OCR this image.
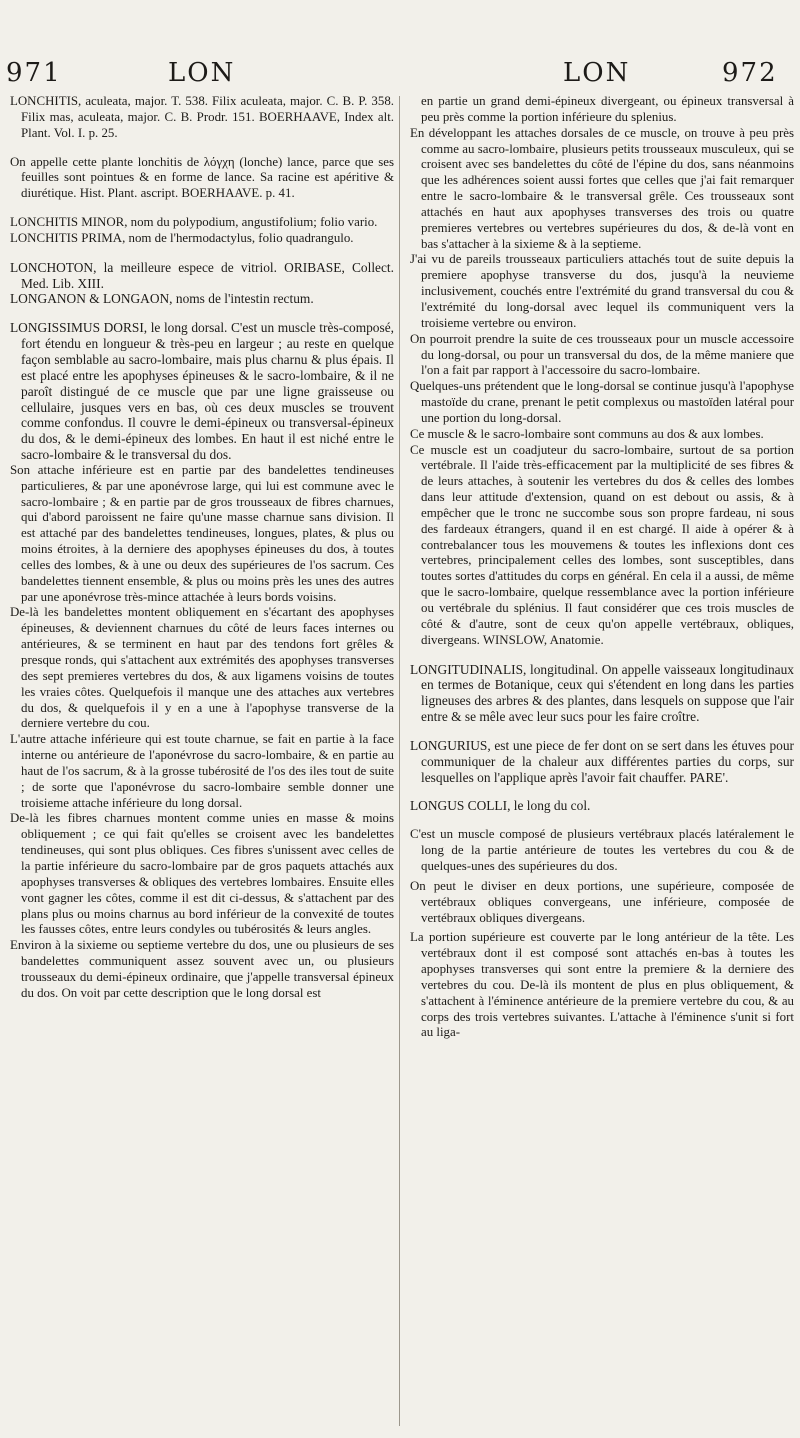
971	LON	LON	972

LONCHITIS, aculeata, major. T. 538. Filix aculeata, major. C. B. P. 358. Filix mas, aculeata, major. C. B. Prodr. 151. BOERHAAVE, Index alt. Plant. Vol. I. p. 25.

On appelle cette plante lonchitis de λόγχη (lonche) lance, parce que ses feuilles sont pointues & en forme de lance. Sa racine est apéritive & diurétique. Hist. Plant. ascript. BOERHAAVE. p. 41.

LONCHITIS MINOR, nom du polypodium, angustifolium; folio vario.

LONCHITIS PRIMA, nom de l'hermodactylus, folio quadrangulo.

LONCHOTON, la meilleure espece de vitriol. ORIBASE, Collect. Med. Lib. XIII.

LONGANON & LONGAON, noms de l'intestin rectum.

LONGISSIMUS DORSI, le long dorsal. C'est un muscle très-composé, fort étendu en longueur & très-peu en largeur ; au reste en quelque façon semblable au sacro-lombaire, mais plus charnu & plus épais. Il est placé entre les apophyses épineuses & le sacro-lombaire, & il ne paroît distingué de ce muscle que par une ligne graisseuse ou cellulaire, jusques vers en bas, où ces deux muscles se trouvent comme confondus. Il couvre le demi-épineux ou transversal-épineux du dos, & le demi-épineux des lombes. En haut il est niché entre le sacro-lombaire & le transversal du dos.

Son attache inférieure est en partie par des bandelettes tendineuses particulieres, & par une aponévrose large, qui lui est commune avec le sacro-lombaire ; & en partie par de gros trousseaux de fibres charnues, qui d'abord paroissent ne faire qu'une masse charnue sans division. Il est attaché par des bandelettes tendineuses, longues, plates, & plus ou moins étroites, à la derniere des apophyses épineuses du dos, à toutes celles des lombes, & à une ou deux des supérieures de l'os sacrum. Ces bandelettes tiennent ensemble, & plus ou moins près les unes des autres par une aponévrose très-mince attachée à leurs bords voisins.

De-là les bandelettes montent obliquement en s'écartant des apophyses épineuses, & deviennent charnues du côté de leurs faces internes ou antérieures, & se terminent en haut par des tendons fort grêles & presque ronds, qui s'attachent aux extrémités des apophyses transverses des sept premieres vertebres du dos, & aux ligamens voisins de toutes les vraies côtes. Quelquefois il manque une des attaches aux vertebres du dos, & quelquefois il y en a une à l'apophyse transverse de la derniere vertebre du cou.

L'autre attache inférieure qui est toute charnue, se fait en partie à la face interne ou antérieure de l'aponévrose du sacro-lombaire, & en partie au haut de l'os sacrum, & à la grosse tubérosité de l'os des iles tout de suite ; de sorte que l'aponévrose du sacro-lombaire semble donner une troisieme attache inférieure du long dorsal.

De-là les fibres charnues montent comme unies en masse & moins obliquement ; ce qui fait qu'elles se croisent avec les bandelettes tendineuses, qui sont plus obliques. Ces fibres s'unissent avec celles de la partie inférieure du sacro-lombaire par de gros paquets attachés aux apophyses transverses & obliques des vertebres lombaires. Ensuite elles vont gagner les côtes, comme il est dit ci-dessus, & s'attachent par des plans plus ou moins charnus au bord inférieur de la convexité de toutes les fausses côtes, entre leurs condyles ou tubérosités & leurs angles.

Environ à la sixieme ou septieme vertebre du dos, une ou plusieurs de ses bandelettes communiquent assez souvent avec un, ou plusieurs trousseaux du demi-épineux ordinaire, que j'appelle transversal épineux du dos. On voit par cette description que le long dorsal est

en partie un grand demi-épineux divergeant, ou épineux transversal à peu près comme la portion inférieure du splenius.

En développant les attaches dorsales de ce muscle, on trouve à peu près comme au sacro-lombaire, plusieurs petits trousseaux musculeux, qui se croisent avec ses bandelettes du côté de l'épine du dos, sans néanmoins que les adhérences soient aussi fortes que celles que j'ai fait remarquer entre le sacro-lombaire & le transversal grêle. Ces trousseaux sont attachés en haut aux apophyses transverses des trois ou quatre premieres vertebres ou vertebres supérieures du dos, & de-là vont en bas s'attacher à la sixieme & à la septieme.

J'ai vu de pareils trousseaux particuliers attachés tout de suite depuis la premiere apophyse transverse du dos, jusqu'à la neuvieme inclusivement, couchés entre l'extrémité du grand transversal du cou & l'extrémité du long-dorsal avec lequel ils communiquent vers la troisieme vertebre ou environ.

On pourroit prendre la suite de ces trousseaux pour un muscle accessoire du long-dorsal, ou pour un transversal du dos, de la même maniere que l'on a fait par rapport à l'accessoire du sacro-lombaire.

Quelques-uns prétendent que le long-dorsal se continue jusqu'à l'apophyse mastoïde du crane, prenant le petit complexus ou mastoïden latéral pour une portion du long-dorsal.

Ce muscle & le sacro-lombaire sont communs au dos & aux lombes.

Ce muscle est un coadjuteur du sacro-lombaire, surtout de sa portion vertébrale. Il l'aide très-efficacement par la multiplicité de ses fibres & de leurs attaches, à soutenir les vertebres du dos & celles des lombes dans leur attitude d'extension, quand on est debout ou assis, & à empêcher que le tronc ne succombe sous son propre fardeau, ni sous des fardeaux étrangers, quand il en est chargé. Il aide à opérer & à contrebalancer tous les mouvemens & toutes les inflexions dont ces vertebres, principalement celles des lombes, sont susceptibles, dans toutes sortes d'attitudes du corps en général. En cela il a aussi, de même que le sacro-lombaire, quelque ressemblance avec la portion inférieure ou vertébrale du splénius. Il faut considérer que ces trois muscles de côté & d'autre, sont de ceux qu'on appelle vertébraux, obliques, divergeans. WINSLOW, Anatomie.

LONGITUDINALIS, longitudinal. On appelle vaisseaux longitudinaux en termes de Botanique, ceux qui s'étendent en long dans les parties ligneuses des arbres & des plantes, dans lesquels on suppose que l'air entre & se mêle avec leur sucs pour les faire croître.

LONGURIUS, est une piece de fer dont on se sert dans les étuves pour communiquer de la chaleur aux différentes parties du corps, sur lesquelles on l'applique après l'avoir fait chauffer. PARE'.

LONGUS COLLI, le long du col.

C'est un muscle composé de plusieurs vertébraux placés latéralement le long de la partie antérieure de toutes les vertebres du cou & de quelques-unes des supérieures du dos.

On peut le diviser en deux portions, une supérieure, composée de vertébraux obliques convergeans, une inférieure, composée de vertébraux obliques divergeans.

La portion supérieure est couverte par le long antérieur de la tête. Les vertébraux dont il est composé sont attachés en-bas à toutes les apophyses transverses qui sont entre la premiere & la derniere des vertebres du cou. De-là ils montent de plus en plus obliquement, & s'attachent à l'éminence antérieure de la premiere vertebre du cou, & au corps des trois vertebres suivantes. L'attache à l'éminence s'unit si fort au liga-
